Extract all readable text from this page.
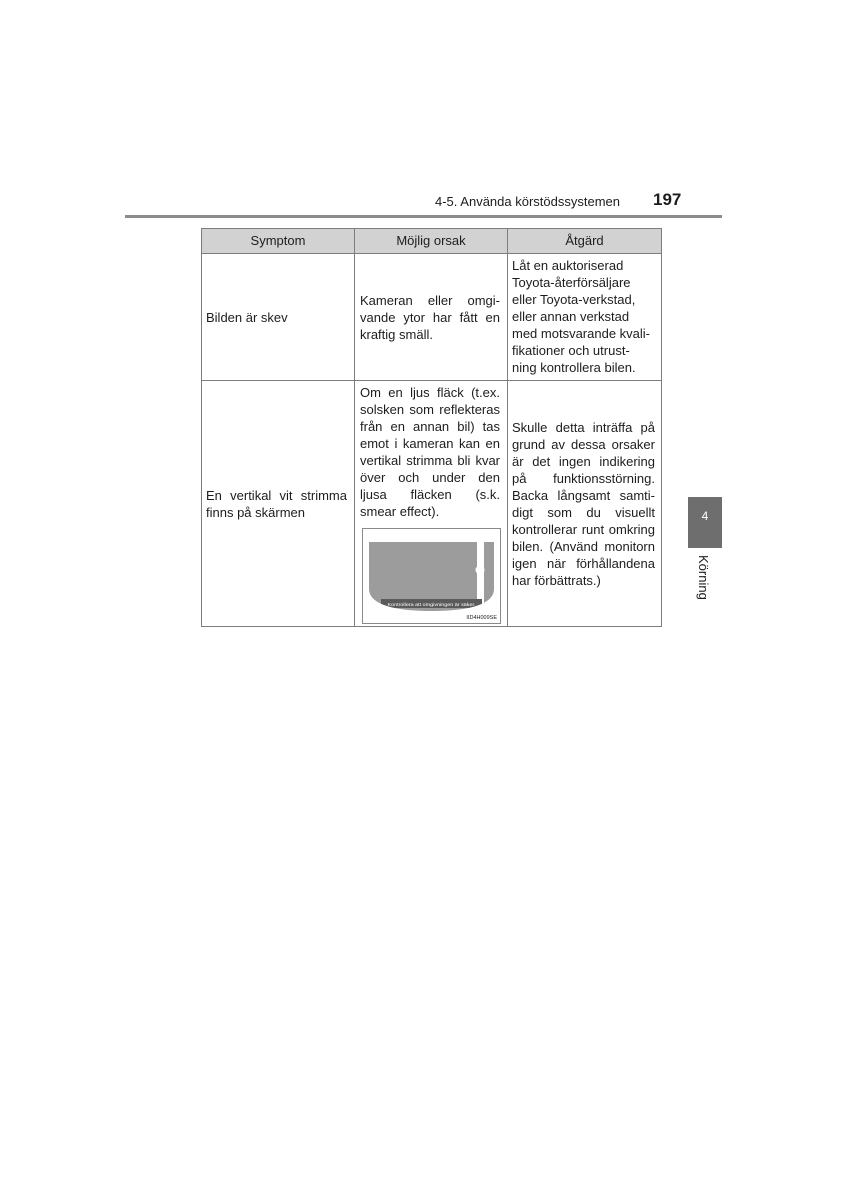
4-5. Använda körstödssystemen 197
Symptom	Möjlig orsak	Åtgärd
Bilden är skev
Kameran eller omgi-
vande ytor har fått en
kraftig smäll.
Låt en auktoriserad
Toyota-återförsäljare
eller Toyota-verkstad,
eller annan verkstad
med motsvarande kvali-
fikationer och utrust-
ning kontrollera bilen.
En vertikal vit strimma
finns på skärmen
Om en ljus fläck (t.ex.
solsken som reflekteras
från en annan bil) tas
emot i kameran kan en
vertikal strimma bli kvar
över och under den
ljusa fläcken (s.k.
smear effect).
Kontrollera att omgivningen är säker.
IID4H009SE
Skulle detta inträffa på
grund av dessa orsaker
är det ingen indikering
på funktionsstörning.
Backa långsamt samti-
digt som du visuellt
kontrollerar runt omkring
bilen. (Använd monitorn
igen när förhållandena
har förbättrats.)
4
Körning
